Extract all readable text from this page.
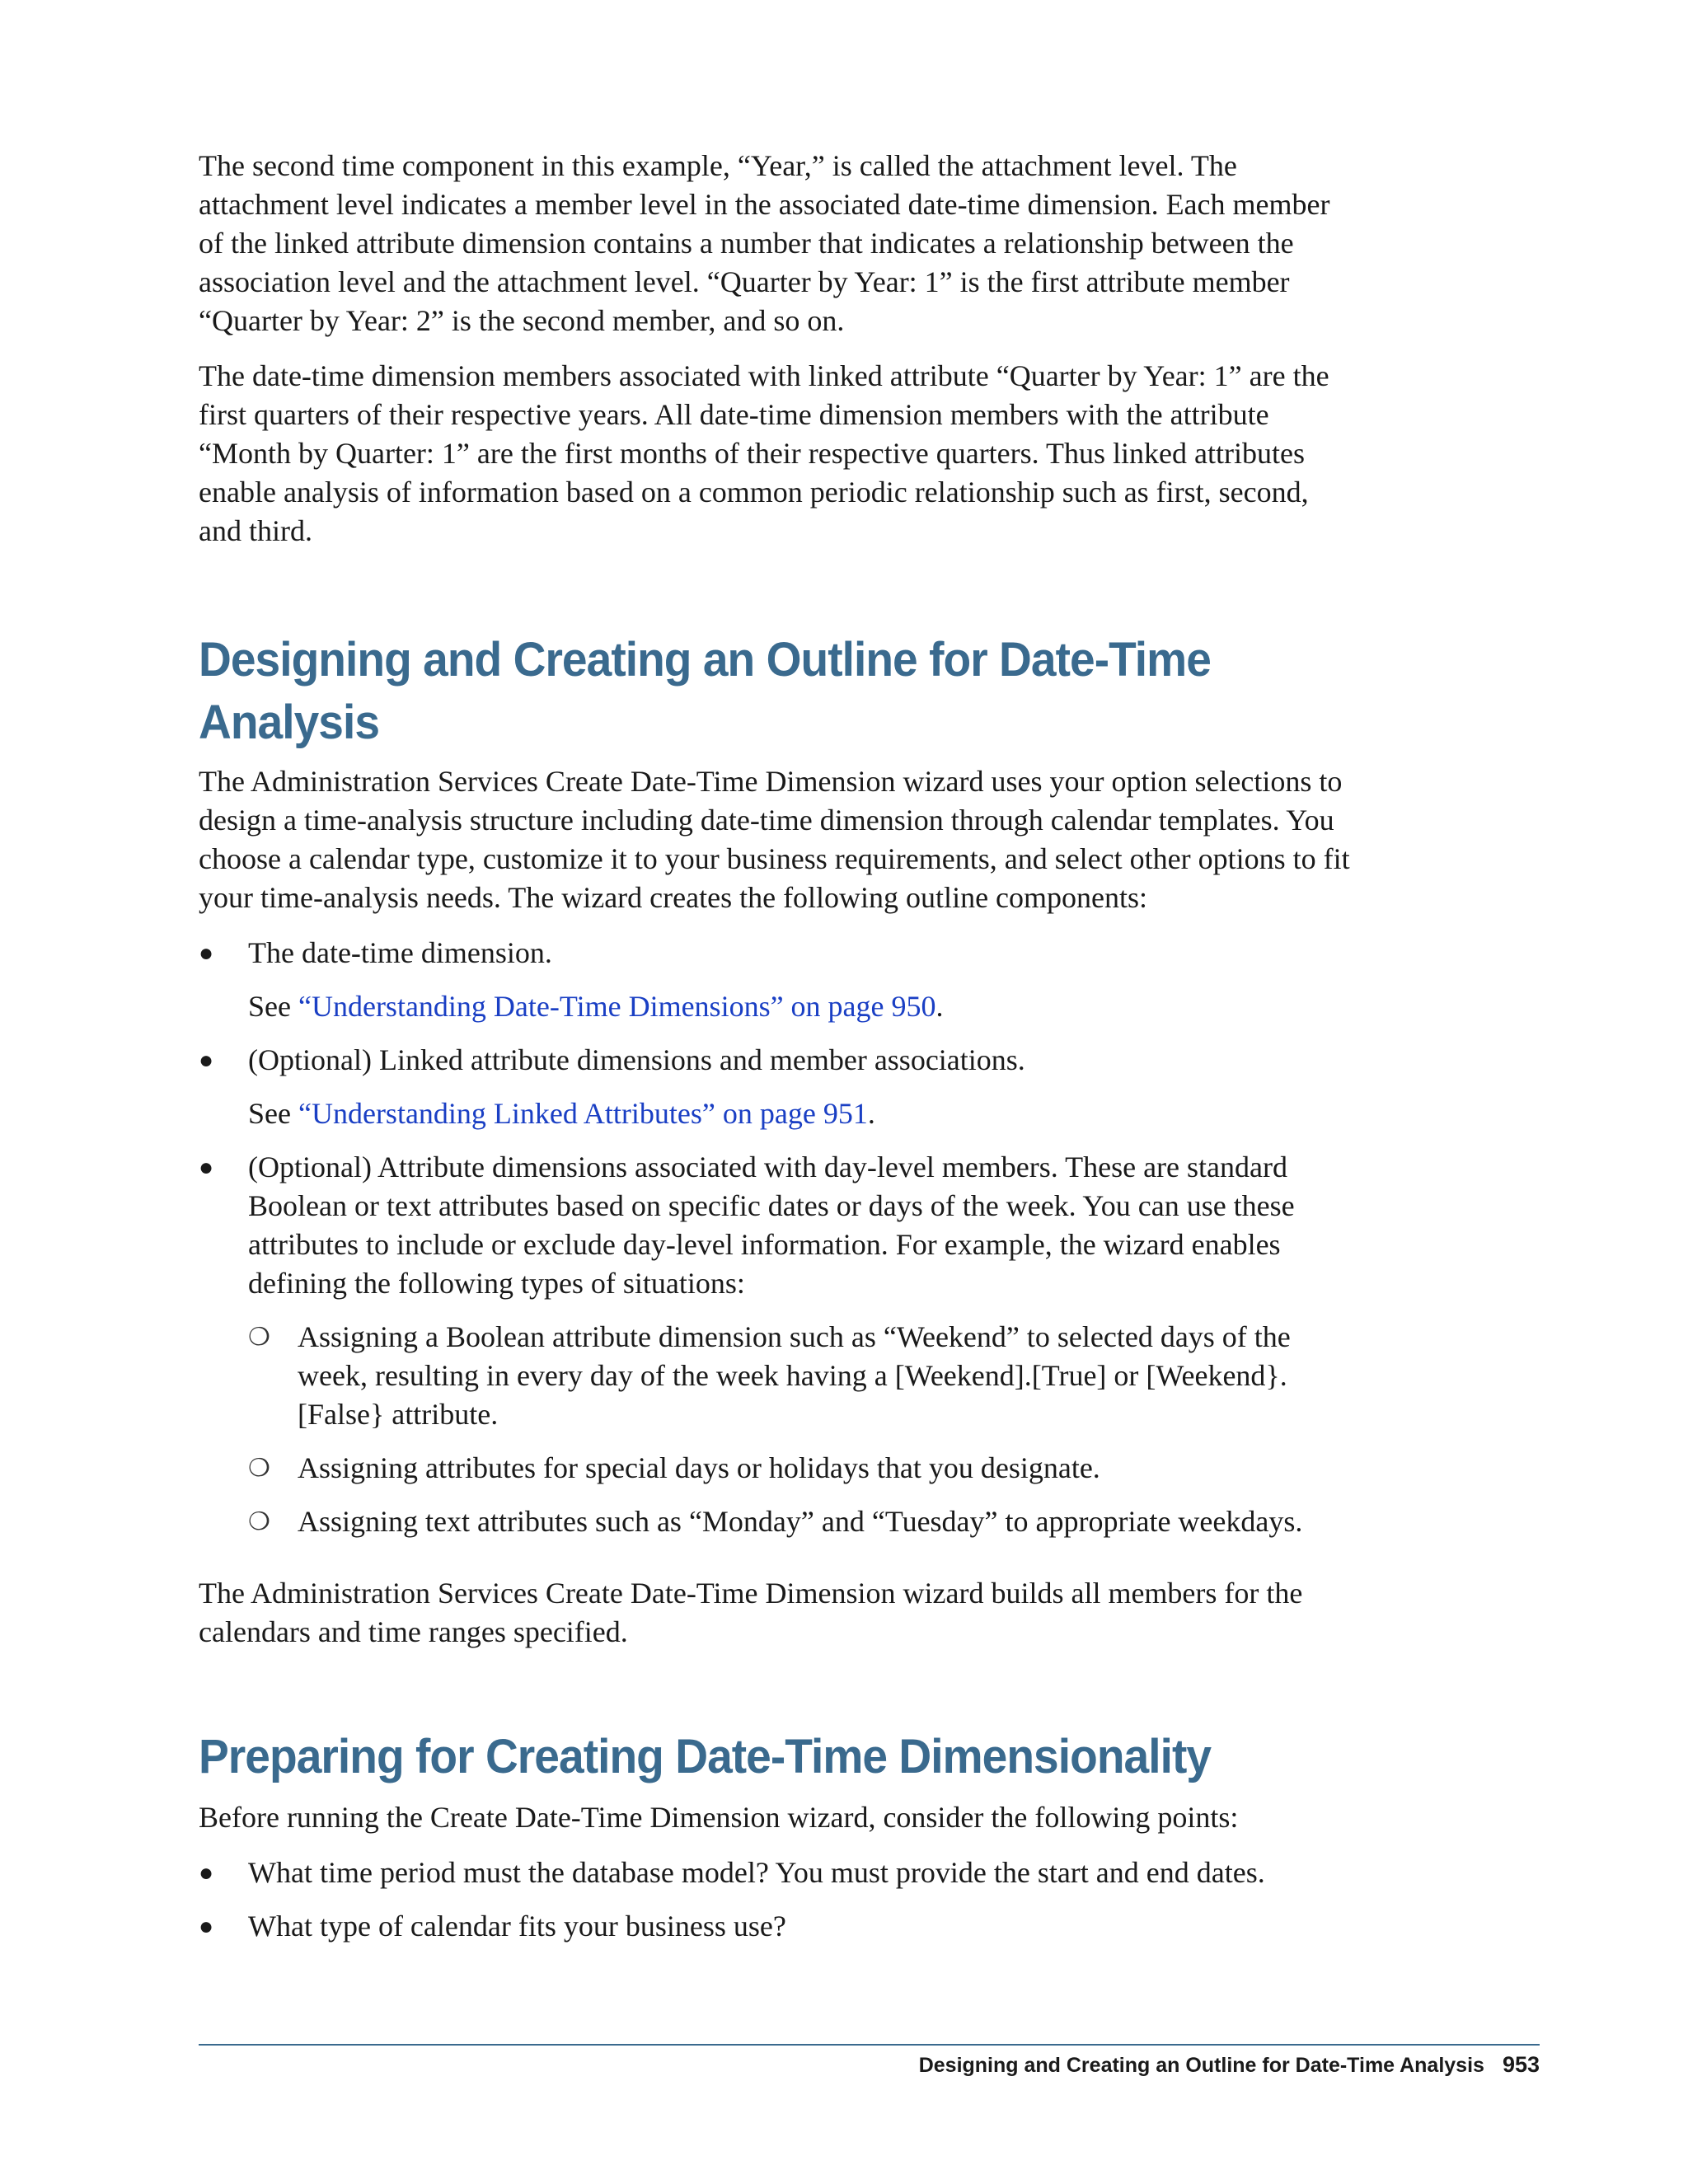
The second time component in this example, “Year,” is called the attachment level. The attachment level indicates a member level in the associated date-time dimension. Each member of the linked attribute dimension contains a number that indicates a relationship between the association level and the attachment level. “Quarter by Year: 1” is the first attribute member “Quarter by Year: 2” is the second member, and so on.

The date-time dimension members associated with linked attribute “Quarter by Year: 1” are the first quarters of their respective years. All date-time dimension members with the attribute “Month by Quarter: 1” are the first months of their respective quarters. Thus linked attributes enable analysis of information based on a common periodic relationship such as first, second, and third.

Designing and Creating an Outline for Date-Time Analysis

The Administration Services Create Date-Time Dimension wizard uses your option selections to design a time-analysis structure including date-time dimension through calendar templates. You choose a calendar type, customize it to your business requirements, and select other options to fit your time-analysis needs. The wizard creates the following outline components:

●	The date-time dimension.
See “Understanding Date-Time Dimensions” on page 950.
●	(Optional) Linked attribute dimensions and member associations.
See “Understanding Linked Attributes” on page 951.
●	(Optional) Attribute dimensions associated with day-level members. These are standard Boolean or text attributes based on specific dates or days of the week. You can use these attributes to include or exclude day-level information. For example, the wizard enables defining the following types of situations:
❍ Assigning a Boolean attribute dimension such as “Weekend” to selected days of the week, resulting in every day of the week having a [Weekend].[True] or [Weekend}.[False} attribute.
❍ Assigning attributes for special days or holidays that you designate.
❍ Assigning text attributes such as “Monday” and “Tuesday” to appropriate weekdays.

The Administration Services Create Date-Time Dimension wizard builds all members for the calendars and time ranges specified.

Preparing for Creating Date-Time Dimensionality

Before running the Create Date-Time Dimension wizard, consider the following points:

●	What time period must the database model? You must provide the start and end dates.
●	What type of calendar fits your business use?
Designing and Creating an Outline for Date-Time Analysis 953
